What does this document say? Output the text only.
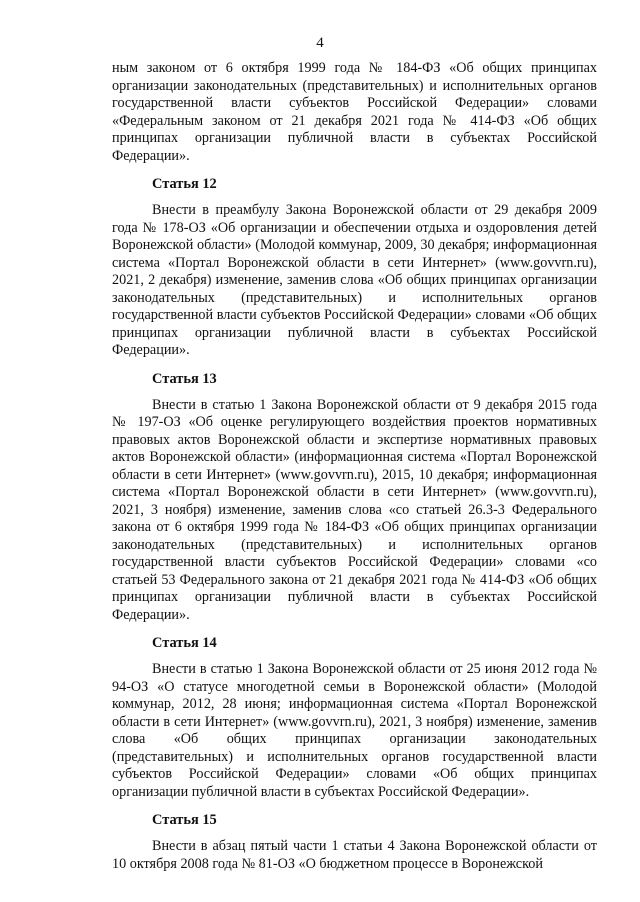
4

ным законом от 6 октября 1999 года № 184-ФЗ «Об общих принципах организации законодательных (представительных) и исполнительных органов государственной власти субъектов Российской Федерации» словами «Федеральным законом от 21 декабря 2021 года № 414-ФЗ «Об общих принципах организации публичной власти в субъектах Российской Федерации».

Статья 12

Внести в преамбулу Закона Воронежской области от 29 декабря 2009 года № 178-ОЗ «Об организации и обеспечении отдыха и оздоровления детей Воронежской области» (Молодой коммунар, 2009, 30 декабря; информационная система «Портал Воронежской области в сети Интернет» (www.govvrn.ru), 2021, 2 декабря) изменение, заменив слова «Об общих принципах организации законодательных (представительных) и исполнительных органов государственной власти субъектов Российской Федерации» словами «Об общих принципах организации публичной власти в субъектах Российской Федерации».

Статья 13

Внести в статью 1 Закона Воронежской области от 9 декабря 2015 года № 197-ОЗ «Об оценке регулирующего воздействия проектов нормативных правовых актов Воронежской области и экспертизе нормативных правовых актов Воронежской области» (информационная система «Портал Воронежской области в сети Интернет» (www.govvrn.ru), 2015, 10 декабря; информационная система «Портал Воронежской области в сети Интернет» (www.govvrn.ru), 2021, 3 ноября) изменение, заменив слова «со статьей 26.3-3 Федерального закона от 6 октября 1999 года № 184-ФЗ «Об общих принципах организации законодательных (представительных) и исполнительных органов государственной власти субъектов Российской Федерации» словами «со статьей 53 Федерального закона от 21 декабря 2021 года № 414-ФЗ «Об общих принципах организации публичной власти в субъектах Российской Федерации».

Статья 14

Внести в статью 1 Закона Воронежской области от 25 июня 2012 года № 94-ОЗ «О статусе многодетной семьи в Воронежской области» (Молодой коммунар, 2012, 28 июня; информационная система «Портал Воронежской области в сети Интернет» (www.govvrn.ru), 2021, 3 ноября) изменение, заменив слова «Об общих принципах организации законодательных (представительных) и исполнительных органов государственной власти субъектов Российской Федерации» словами «Об общих принципах организации публичной власти в субъектах Российской Федерации».

Статья 15

Внести в абзац пятый части 1 статьи 4 Закона Воронежской области от 10 октября 2008 года № 81-ОЗ «О бюджетном процессе в Воронежской
